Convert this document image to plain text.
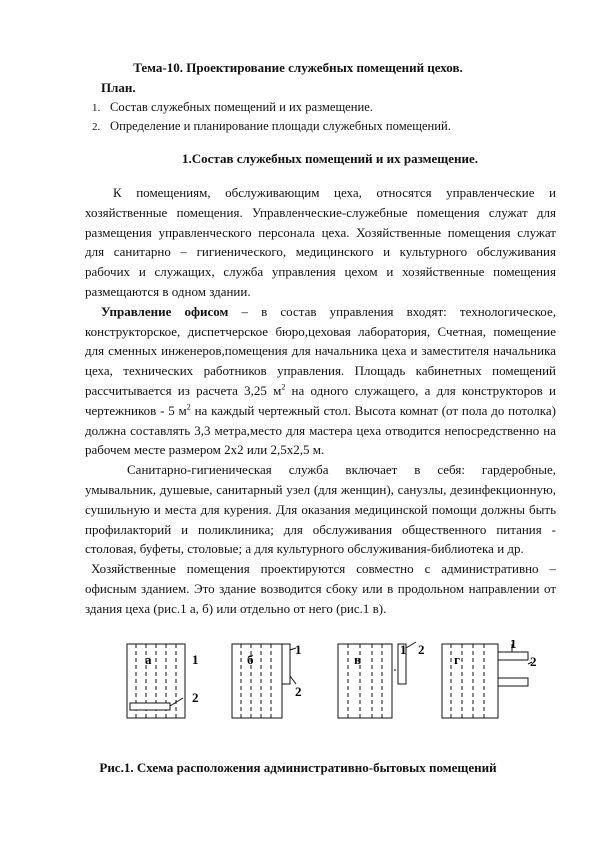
Тема-10. Проектирование служебных помещений цехов.
План.
1. Состав служебных помещений и их размещение.
2. Определение и планирование площади служебных помещений.
1.Состав служебных помещений и их размещение.

К помещениям, обслуживающим цеха, относятся управленческие и хозяйственные помещения. Управленческие-служебные помещения служат для размещения управленческого персонала цеха. Хозяйственные помещения служат для санитарно – гигиенического, медицинского и культурного обслуживания рабочих и служащих, служба управления цехом и хозяйственные помещения размещаются в одном здании.

Управление офисом – в состав управления входят: технологическое, конструкторское, диспетчерское бюро,цеховая лаборатория, Счетная, помещение для сменных инженеров,помещения для начальника цеха и заместителя начальника цеха, технических работников управления. Площадь кабинетных помещений рассчитывается из расчета 3,25 $м^2$ на одного служащего, а для конструкторов и чертежников - 5 $м^2$ на каждый чертежный стол. Высота комнат (от пола до потолка) должна составлять 3,3 метра,место для мастера цеха отводится непосредственно на рабочем месте размером 2х2 или 2,5х2,5 м.

Санитарно-гигиеническая служба включает в себя: гардеробные, умывальник, душевые, санитарный узел (для женщин), санузлы, дезинфекционную, сушильную и места для курения. Для оказания медицинской помощи должны быть профилакторий и поликлиника; для обслуживания общественного питания - столовая, буфеты, столовые; а для культурного обслуживания-библиотека и др.

Хозяйственные помещения проектируются совместно с административно – офисным зданием. Это здание возводится сбоку или в продольном направлении от здания цеха (рис.1 а, б) или отдельно от него (рис.1 в).

а	1
2
б
1
2
в
1 2
г
1
2
Рис.1. Схема расположения административно-бытовых помещений
